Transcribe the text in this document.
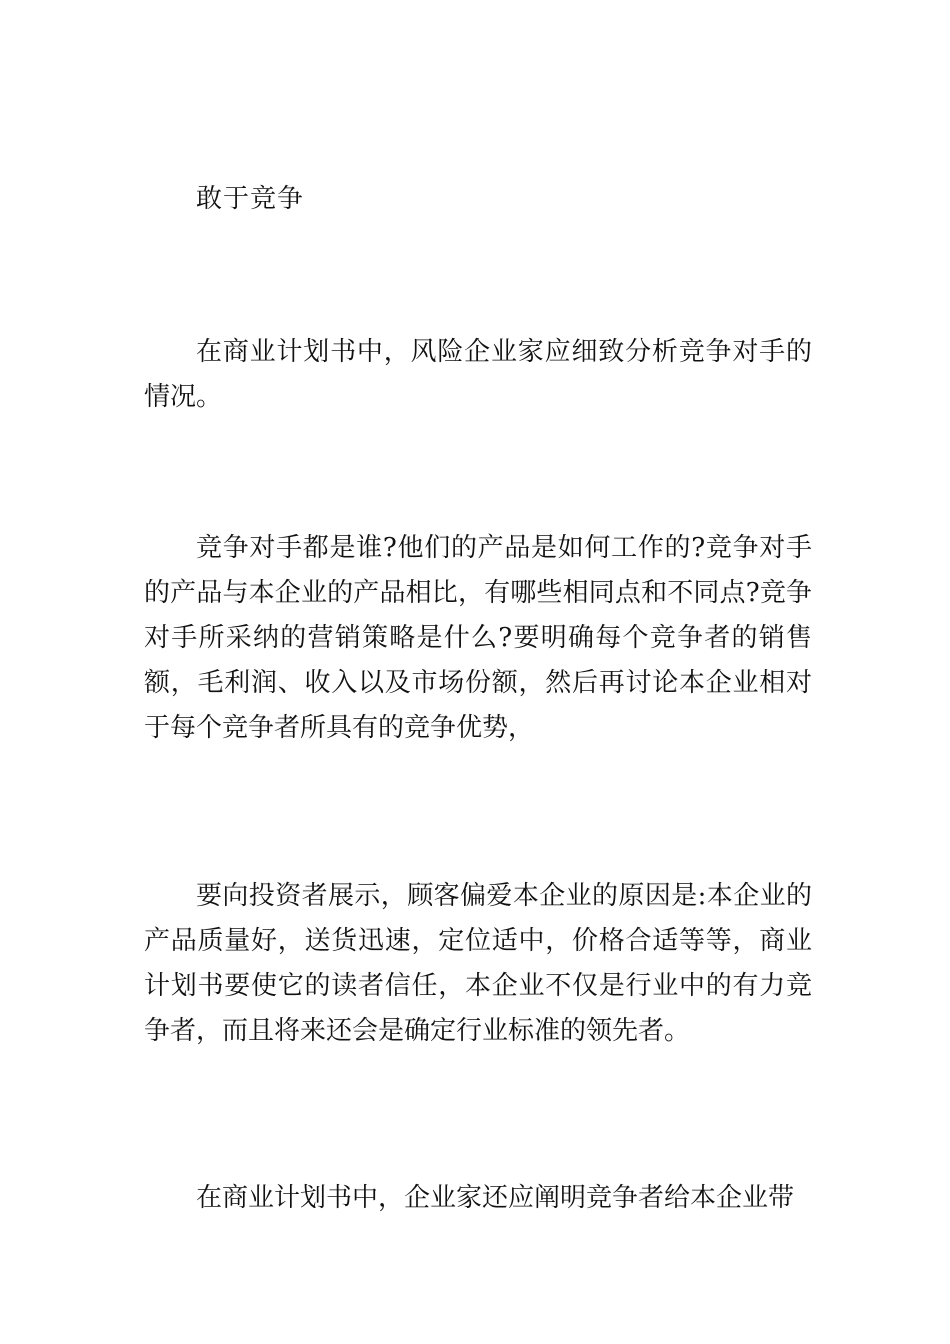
敢于竞争

在商业计划书中，风险企业家应细致分析竞争对手的情况。

竞争对手都是谁?他们的产品是如何工作的?竞争对手的产品与本企业的产品相比，有哪些相同点和不同点?竞争对手所采纳的营销策略是什么?要明确每个竞争者的销售额，毛利润、收入以及市场份额，然后再讨论本企业相对于每个竞争者所具有的竞争优势，

要向投资者展示，顾客偏爱本企业的原因是:本企业的产品质量好，送货迅速，定位适中，价格合适等等，商业计划书要使它的读者信任，本企业不仅是行业中的有力竞争者，而且将来还会是确定行业标准的领先者。

在商业计划书中，企业家还应阐明竞争者给本企业带
